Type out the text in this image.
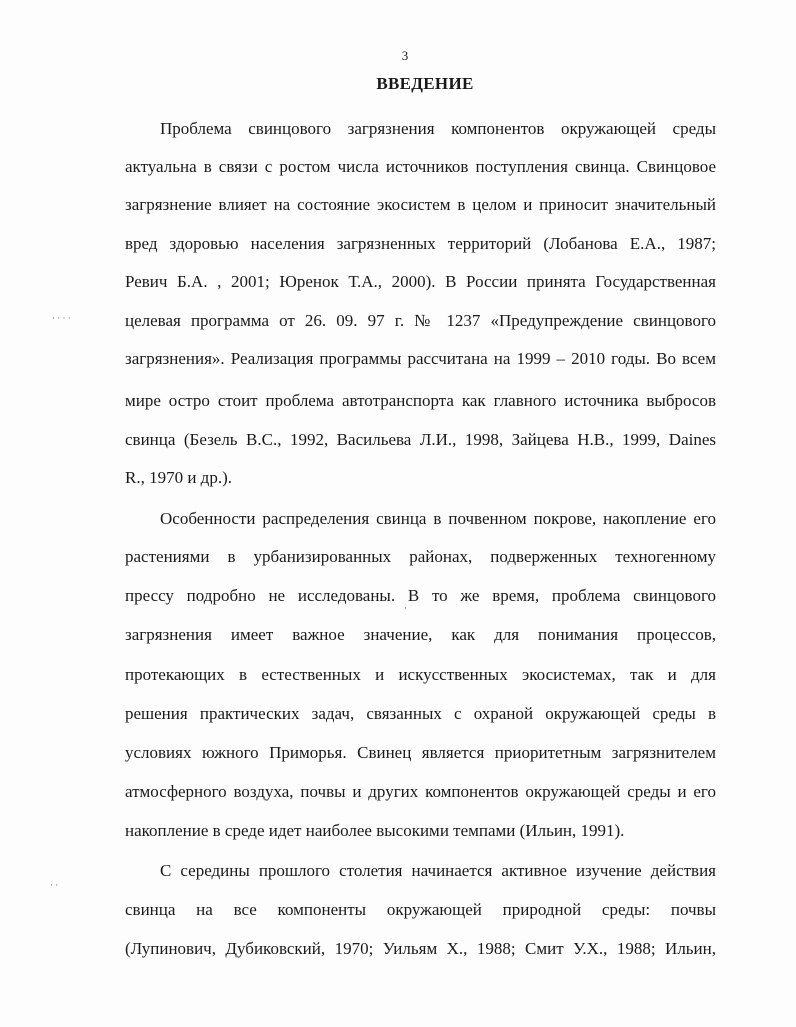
3
ВВЕДЕНИЕ
Проблема свинцового загрязнения компонентов окружающей среды
актуальна в связи с ростом числа источников поступления свинца. Свинцовое
загрязнение влияет на состояние экосистем в целом и приносит значительный
вред здоровью населения загрязненных территорий (Лобанова Е.А., 1987;
Ревич Б.А. , 2001; Юренок Т.А., 2000). В России принята Государственная
целевая программа от 26. 09. 97 г. № 1237 «Предупреждение свинцового
загрязнения». Реализация программы рассчитана на 1999 – 2010 годы. Во всем
мире остро стоит проблема автотранспорта как главного источника выбросов
свинца (Безель В.С., 1992, Васильева Л.И., 1998, Зайцева Н.В., 1999, Daines
R., 1970 и др.).
Особенности распределения свинца в почвенном покрове, накопление его
растениями в урбанизированных районах, подверженных техногенному
прессу подробно не исследованы. В то же время, проблема свинцового
загрязнения имеет важное значение, как для понимания процессов,
протекающих в естественных и искусственных экосистемах, так и для
решения практических задач, связанных с охраной окружающей среды в
условиях южного Приморья. Свинец является приоритетным загрязнителем
атмосферного воздуха, почвы и других компонентов окружающей среды и его
накопление в среде идет наиболее высокими темпами (Ильин, 1991).
С середины прошлого столетия начинается активное изучение действия
свинца на все компоненты окружающей природной среды: почвы
(Лупинович, Дубиковский, 1970; Уильям Х., 1988; Смит У.Х., 1988; Ильин,
· · · ·
· ·
·
